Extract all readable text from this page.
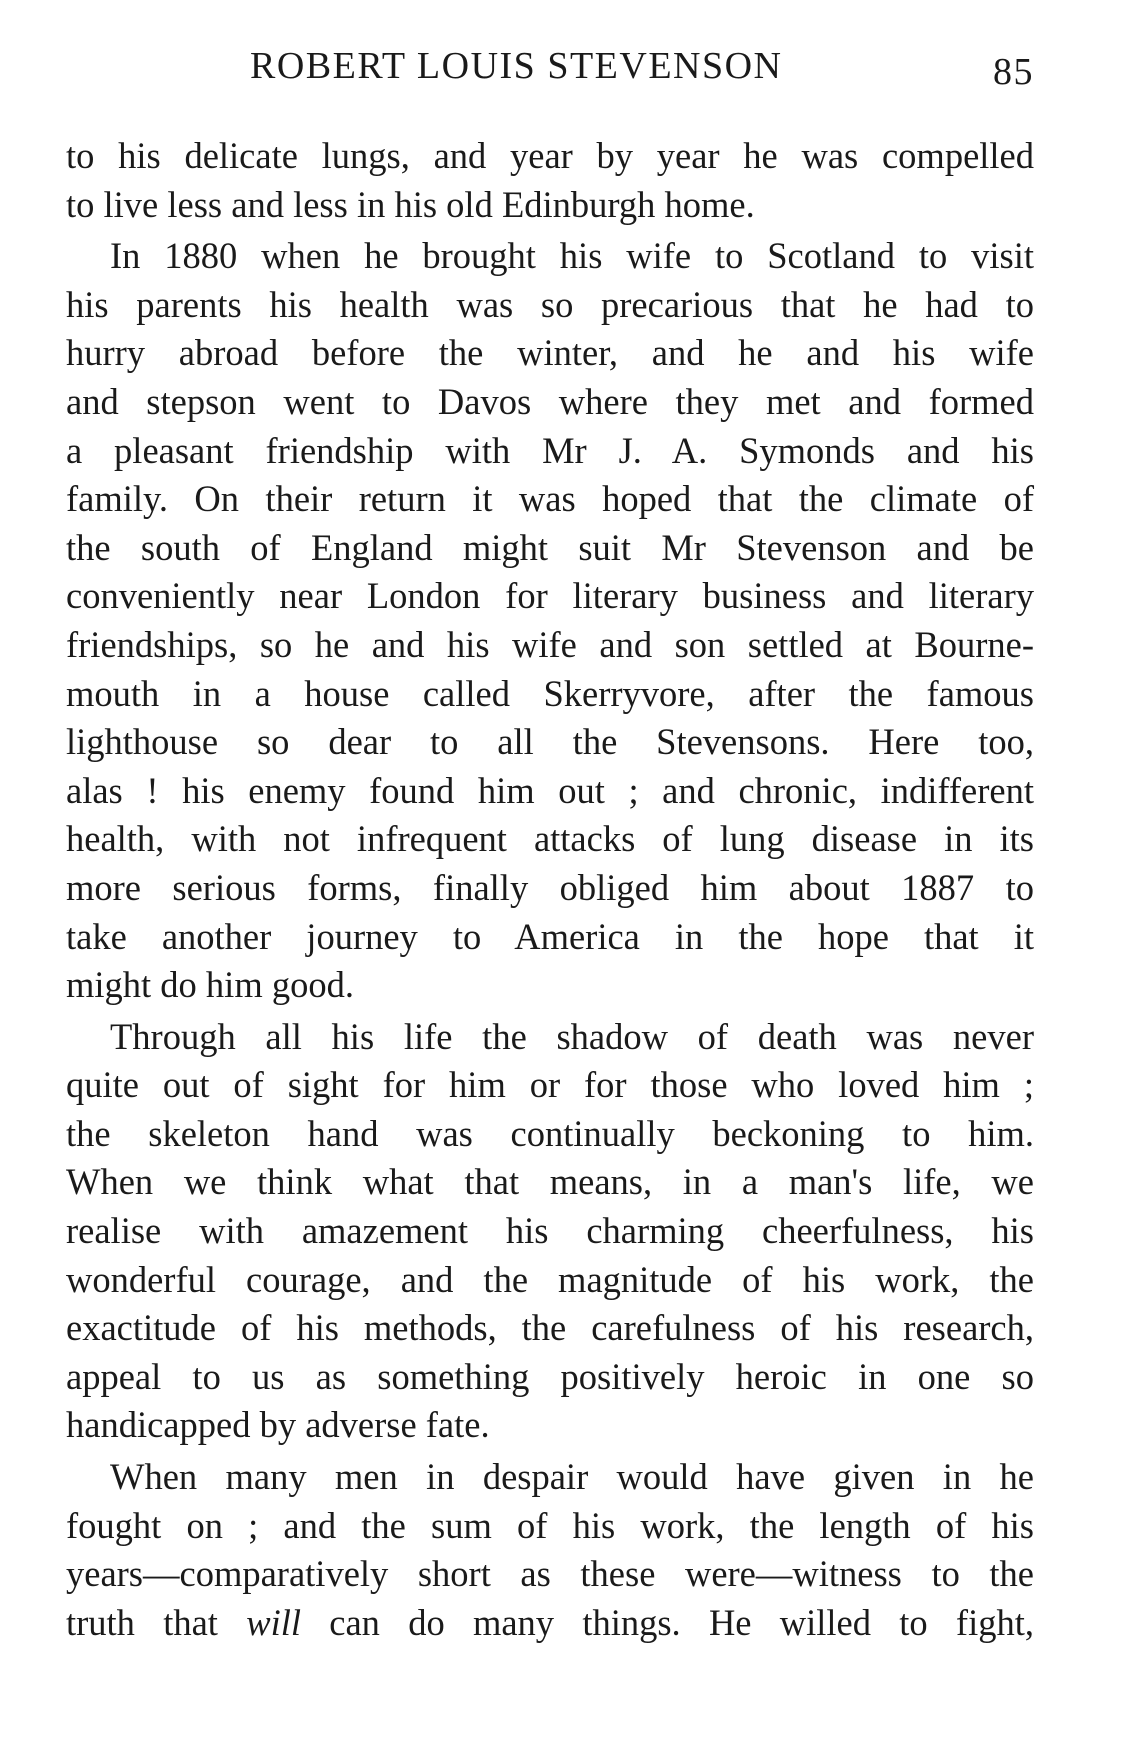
ROBERT LOUIS STEVENSON	85
to his delicate lungs, and year by year he was compelled
to live less and less in his old Edinburgh home.
In 1880 when he brought his wife to Scotland to visit
his parents his health was so precarious that he had to
hurry abroad before the winter, and he and his wife
and stepson went to Davos where they met and formed
a pleasant friendship with Mr J. A. Symonds and his
family. On their return it was hoped that the climate of
the south of England might suit Mr Stevenson and be
conveniently near London for literary business and literary
friendships, so he and his wife and son settled at Bourne-
mouth in a house called Skerryvore, after the famous
lighthouse so dear to all the Stevensons. Here too,
alas ! his enemy found him out ; and chronic, indifferent
health, with not infrequent attacks of lung disease in its
more serious forms, finally obliged him about 1887 to
take another journey to America in the hope that it
might do him good.
Through all his life the shadow of death was never
quite out of sight for him or for those who loved him ;
the skeleton hand was continually beckoning to him.
When we think what that means, in a man's life, we
realise with amazement his charming cheerfulness, his
wonderful courage, and the magnitude of his work, the
exactitude of his methods, the carefulness of his research,
appeal to us as something positively heroic in one so
handicapped by adverse fate.
When many men in despair would have given in he
fought on ; and the sum of his work, the length of his
years—comparatively short as these were—witness to the
truth that will can do many things. He willed to fight,
